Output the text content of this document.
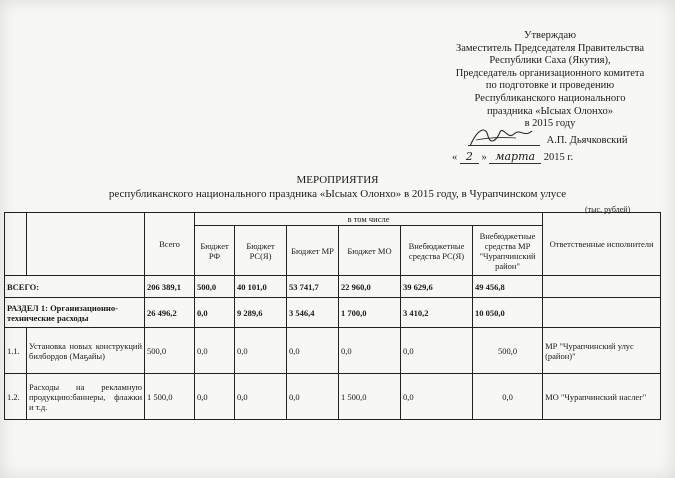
Утверждаю
Заместитель Председателя Правительства
Республики Саха (Якутия),
Председатель организационного комитета
по подготовке и проведению
Республиканского национального
праздника «Ысыах Олонхо»
в 2015 году
А.П. Дьячковский
« 2 » марта 2015 г.
МЕРОПРИЯТИЯ
республиканского национального праздника «Ысыах Олонхо» в 2015 году, в Чурапчинском улусе
(тыс. рублей)
		Всего	в том числе						Ответственные исполнители
			Бюджет РФ	Бюджет РС(Я)	Бюджет МР	Бюджет МО	Внебюджетные средства РС(Я)	Внебюджетные средства МР "Чурапчинский район"	
ВСЕГО:		206 389,1	500,0	40 101,0	53 741,7	22 960,0	39 629,6	49 456,8	
РАЗДЕЛ 1: Организационно-технические расходы		26 496,2	0,0	9 289,6	3 546,4	1 700,0	3 410,2	10 050,0	
1.1.	Установка новых конструкций билбордов (Маҕайы)	500,0	0,0	0,0	0,0	0,0	0,0	500,0	МР "Чурапчинский улус (район)"
1.2.	Расходы на рекламную продукцию:баннеры, флажки и т.д.	1 500,0	0,0	0,0	0,0	1 500,0	0,0	0,0	МО "Чурапчинский наслег"
